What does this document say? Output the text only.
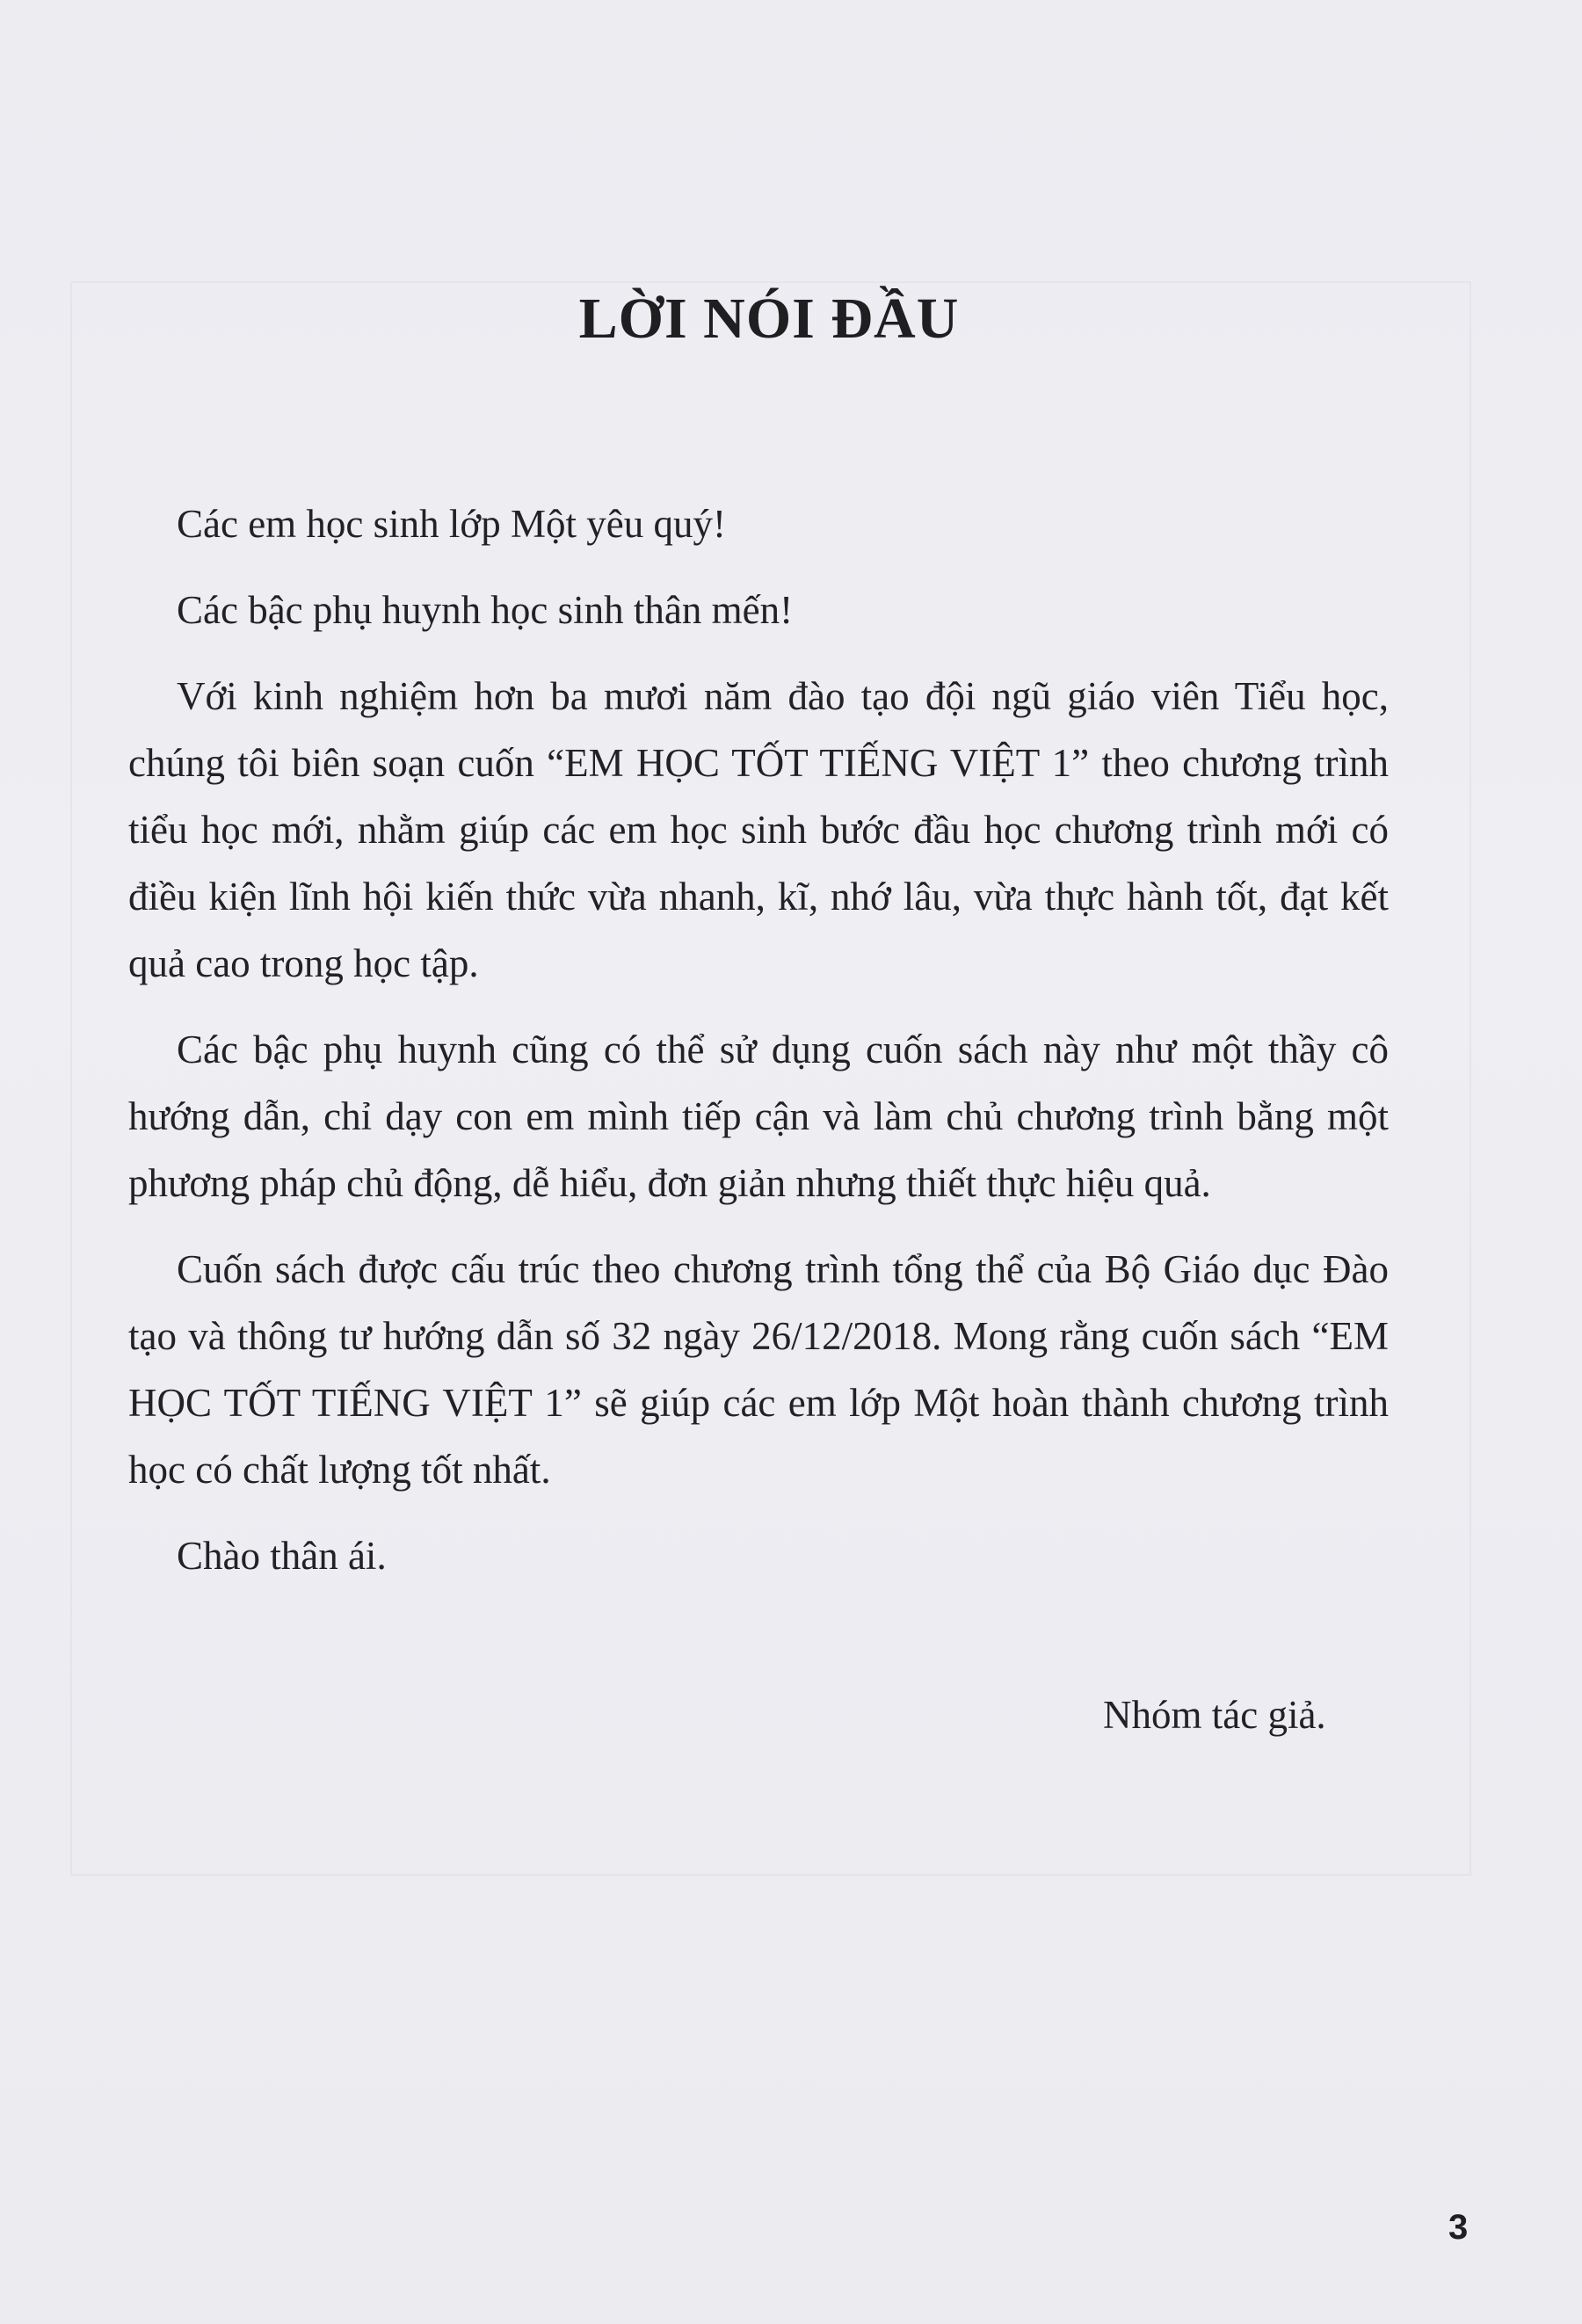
LỜI NÓI ĐẦU

Các em học sinh lớp Một yêu quý!

Các bậc phụ huynh học sinh thân mến!

Với kinh nghiệm hơn ba mươi năm đào tạo đội ngũ giáo viên Tiểu học, chúng tôi biên soạn cuốn “EM HỌC TỐT TIẾNG VIỆT 1” theo chương trình tiểu học mới, nhằm giúp các em học sinh bước đầu học chương trình mới có điều kiện lĩnh hội kiến thức vừa nhanh, kĩ, nhớ lâu, vừa thực hành tốt, đạt kết quả cao trong học tập.

Các bậc phụ huynh cũng có thể sử dụng cuốn sách này như một thầy cô hướng dẫn, chỉ dạy con em mình tiếp cận và làm chủ chương trình bằng một phương pháp chủ động, dễ hiểu, đơn giản nhưng thiết thực hiệu quả.

Cuốn sách được cấu trúc theo chương trình tổng thể của Bộ Giáo dục Đào tạo và thông tư hướng dẫn số 32 ngày 26/12/2018. Mong rằng cuốn sách “EM HỌC TỐT TIẾNG VIỆT 1” sẽ giúp các em lớp Một hoàn thành chương trình học có chất lượng tốt nhất.

Chào thân ái.

Nhóm tác giả.
3
